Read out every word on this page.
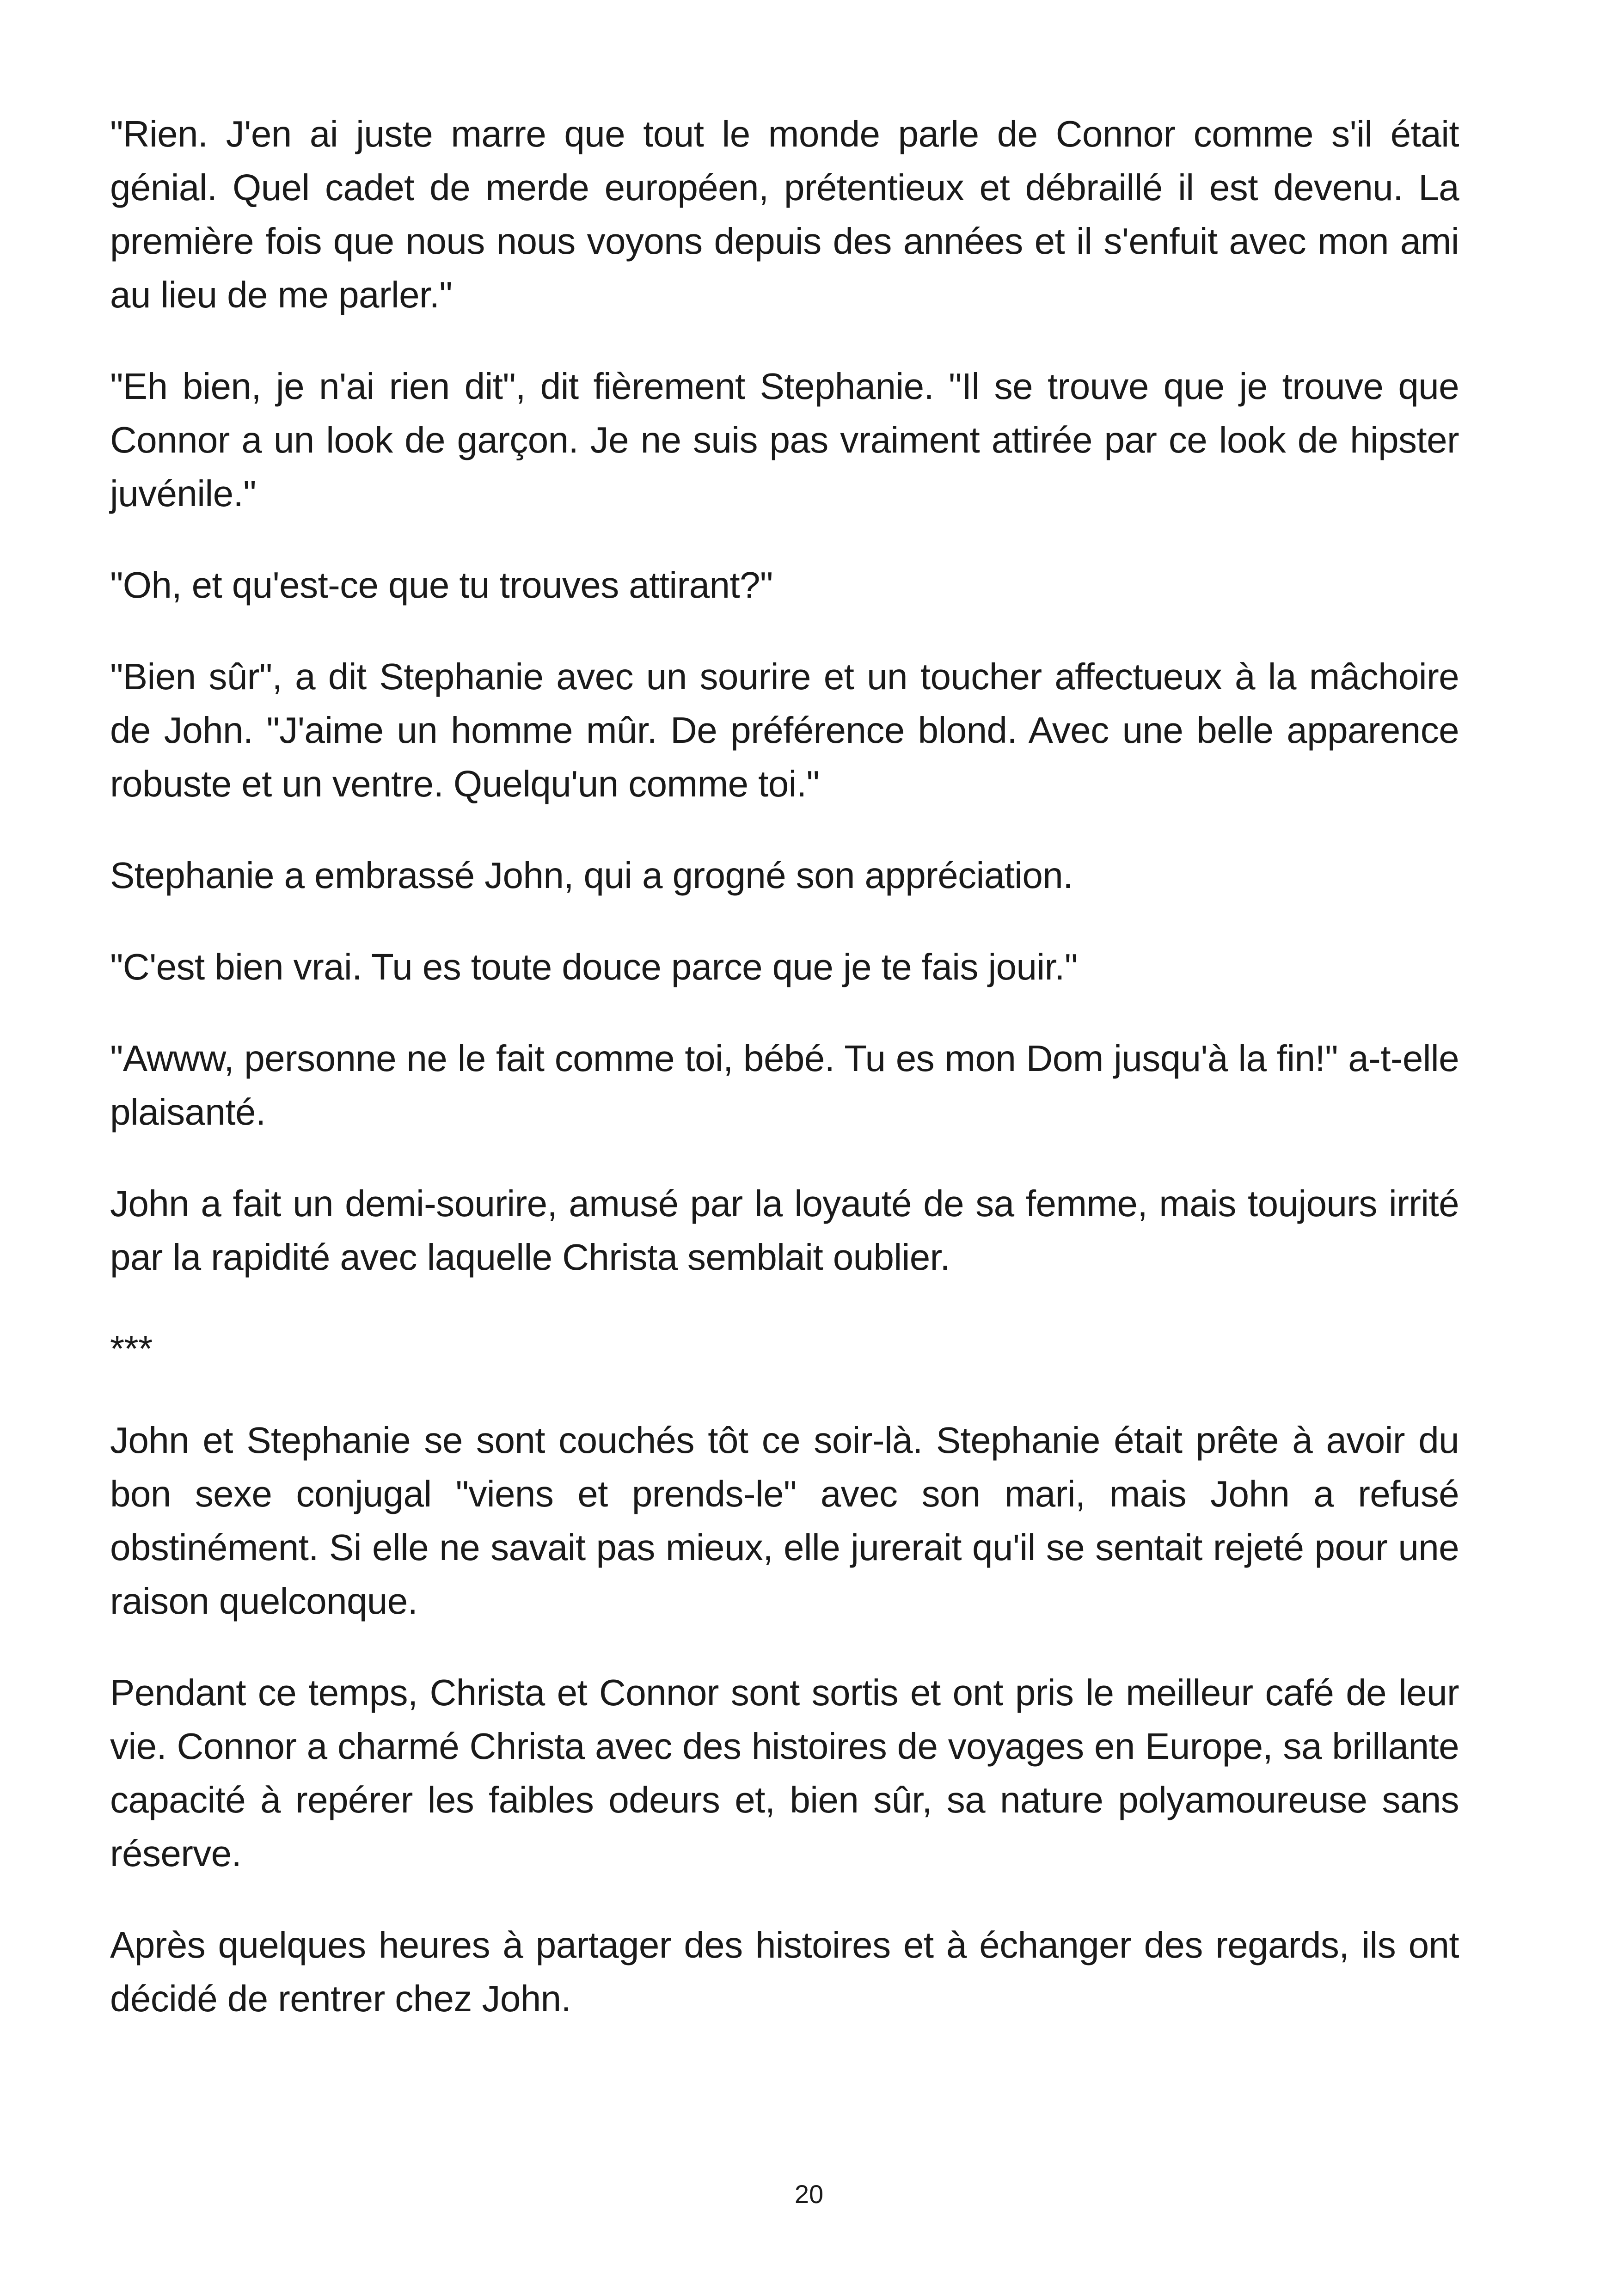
"Rien. J'en ai juste marre que tout le monde parle de Connor comme s'il était génial. Quel cadet de merde européen, prétentieux et débraillé il est devenu. La première fois que nous nous voyons depuis des années et il s'enfuit avec mon ami au lieu de me parler."

"Eh bien, je n'ai rien dit", dit fièrement Stephanie. "Il se trouve que je trouve que Connor a un look de garçon. Je ne suis pas vraiment attirée par ce look de hipster juvénile."

"Oh, et qu'est-ce que tu trouves attirant?"

"Bien sûr", a dit Stephanie avec un sourire et un toucher affectueux à la mâchoire de John. "J'aime un homme mûr. De préférence blond. Avec une belle apparence robuste et un ventre. Quelqu'un comme toi."

Stephanie a embrassé John, qui a grogné son appréciation.

"C'est bien vrai. Tu es toute douce parce que je te fais jouir."

"Awww, personne ne le fait comme toi, bébé. Tu es mon Dom jusqu'à la fin!" a-t-elle plaisanté.

John a fait un demi-sourire, amusé par la loyauté de sa femme, mais toujours irrité par la rapidité avec laquelle Christa semblait oublier.

***

John et Stephanie se sont couchés tôt ce soir-là. Stephanie était prête à avoir du bon sexe conjugal "viens et prends-le" avec son mari, mais John a refusé obstinément. Si elle ne savait pas mieux, elle jurerait qu'il se sentait rejeté pour une raison quelconque.

Pendant ce temps, Christa et Connor sont sortis et ont pris le meilleur café de leur vie. Connor a charmé Christa avec des histoires de voyages en Europe, sa brillante capacité à repérer les faibles odeurs et, bien sûr, sa nature polyamoureuse sans réserve.

Après quelques heures à partager des histoires et à échanger des regards, ils ont décidé de rentrer chez John.

20
